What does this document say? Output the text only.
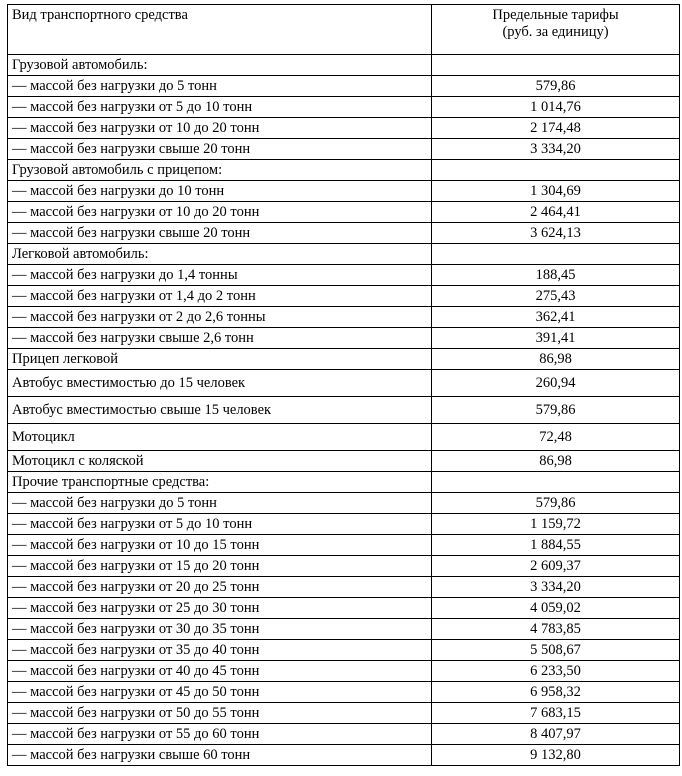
Вид транспортного средства	Предельные тарифы
(руб. за единицу)

Грузовой автомобиль:	
— массой без нагрузки до 5 тонн	579,86
— массой без нагрузки от 5 до 10 тонн	1 014,76
— массой без нагрузки от 10 до 20 тонн	2 174,48
— массой без нагрузки свыше 20 тонн	3 334,20
Грузовой автомобиль с прицепом:	
— массой без нагрузки до 10 тонн	1 304,69
— массой без нагрузки от 10 до 20 тонн	2 464,41
— массой без нагрузки свыше 20 тонн	3 624,13
Легковой автомобиль:	
— массой без нагрузки до 1,4 тонны	188,45
— массой без нагрузки от 1,4 до 2 тонн	275,43
— массой без нагрузки от 2 до 2,6 тонны	362,41
— массой без нагрузки свыше 2,6 тонн	391,41
Прицеп легковой	86,98
Автобус вместимостью до 15 человек	260,94
Автобус вместимостью свыше 15 человек	579,86
Мотоцикл	72,48
Мотоцикл с коляской	86,98
Прочие транспортные средства:	
— массой без нагрузки до 5 тонн	579,86
— массой без нагрузки от 5 до 10 тонн	1 159,72
— массой без нагрузки от 10 до 15 тонн	1 884,55
— массой без нагрузки от 15 до 20 тонн	2 609,37
— массой без нагрузки от 20 до 25 тонн	3 334,20
— массой без нагрузки от 25 до 30 тонн	4 059,02
— массой без нагрузки от 30 до 35 тонн	4 783,85
— массой без нагрузки от 35 до 40 тонн	5 508,67
— массой без нагрузки от 40 до 45 тонн	6 233,50
— массой без нагрузки от 45 до 50 тонн	6 958,32
— массой без нагрузки от 50 до 55 тонн	7 683,15
— массой без нагрузки от 55 до 60 тонн	8 407,97
— массой без нагрузки свыше 60 тонн	9 132,80
